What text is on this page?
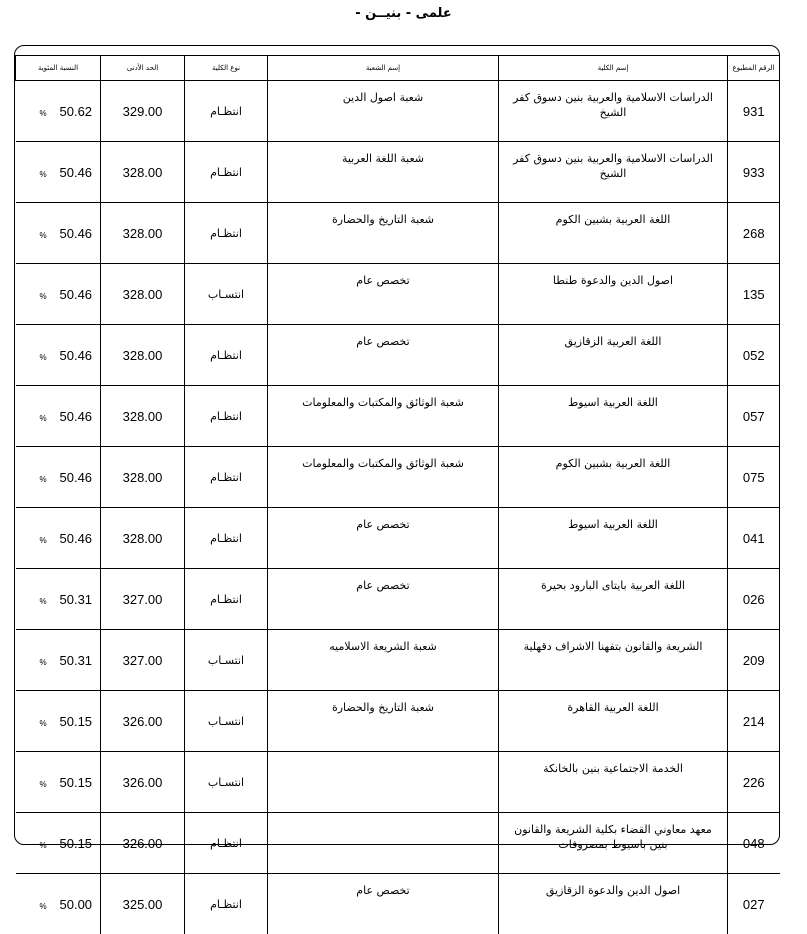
- علمى - بنيــن
الرقم المطبوع	إسم الكلية	إسم الشعبة	نوع الكلية	الحد الأدنى	النسبة المئوية
931	الدراسات الاسلامية والعربية بنين دسوق كفر الشيخ	شعبة اصول الدين	انتظـام	329.00	% 50.62

933	الدراسات الاسلامية والعربية بنين دسوق كفر الشيخ	شعبة اللغة العربية	انتظـام	328.00	% 50.46

268	اللغة العربية بشبين الكوم	شعبة التاريخ والحضارة	انتظـام	328.00	% 50.46

135	اصول الدين والدعوة طنطا	تخصص عام	انتسـاب	328.00	% 50.46

052	اللغة العربية الزقازيق	تخصص عام	انتظـام	328.00	% 50.46

057	اللغة العربية اسيوط	شعبة الوثائق والمكتبات والمعلومات	انتظـام	328.00	% 50.46

075	اللغة العربية بشبين الكوم	شعبة الوثائق والمكتبات والمعلومات	انتظـام	328.00	% 50.46

041	اللغة العربية اسيوط	تخصص عام	انتظـام	328.00	% 50.46

026	اللغة العربية بايتاى البارود بحيرة	تخصص عام	انتظـام	327.00	% 50.31

209	الشريعة والقانون بتفهنا الاشراف دقهلية	شعبة الشريعة الاسلاميه	انتسـاب	327.00	% 50.31

214	اللغة العربية القاهرة	شعبة التاريخ والحضارة	انتسـاب	326.00	% 50.15

226	الخدمة الاجتماعية بنين بالخانكة		انتسـاب	326.00	% 50.15

048	معهد معاوني القضاء بكلية الشريعة والقانون بنين باسيوط بمصروفات		انتظـام	326.00	% 50.15

027	اصول الدين والدعوة الزقازيق	تخصص عام	انتظـام	325.00	% 50.00
